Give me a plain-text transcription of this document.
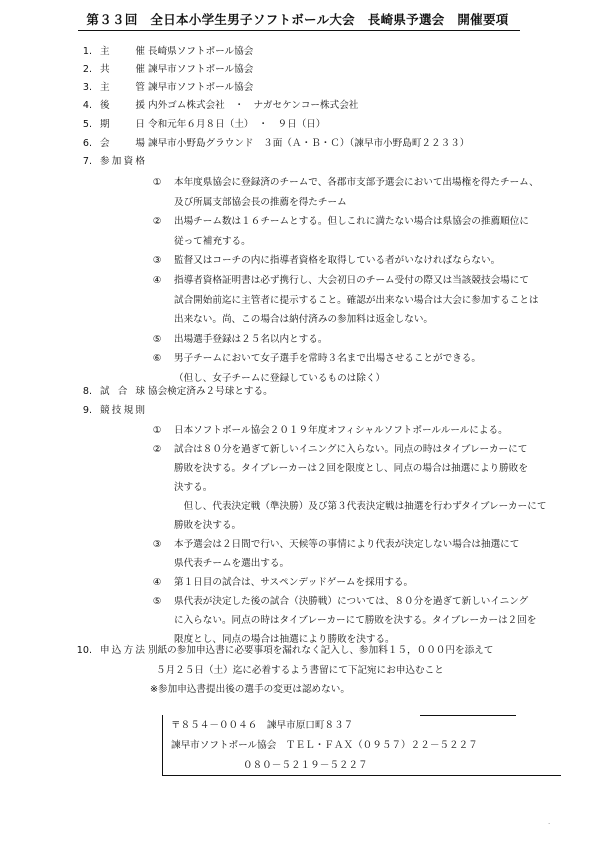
第３３回　全日本小学生男子ソフトボール大会　長崎県予選会　開催要項
1. 主	催 長崎県ソフトボール協会
2. 共	催 諫早市ソフトボール協会
3. 主	管 諫早市ソフトボール協会
4. 後	援 内外ゴム株式会社　・　ナガセケンコー株式会社
5. 期	日 令和元年６月８日（土）　・　９日（日）
6. 会	場 諫早市小野島グラウンド　３面（Ａ・Ｂ・Ｃ）（諫早市小野島町２２３３）
7. 参 加 資 格
8. 試 合 球 協会検定済み２号球とする。
9. 競 技 規 則
10. 申 込 方 法 別紙の参加申込書に必要事項を漏れなく記入し、参加料１５，０００円を添えて
① 本年度県協会に登録済のチームで、各郡市支部予選会において出場権を得たチーム、
及び所属支部協会長の推薦を得たチーム
② 出場チーム数は１６チームとする。但しこれに満たない場合は県協会の推薦順位に
従って補充する。
③ 監督又はコーチの内に指導者資格を取得している者がいなければならない。
④ 指導者資格証明書は必ず携行し、大会初日のチーム受付の際又は当該競技会場にて
試合開始前迄に主管者に提示すること。確認が出来ない場合は大会に参加することは
出来ない。尚、この場合は納付済みの参加料は返金しない。
⑤ 出場選手登録は２５名以内とする。
⑥ 男子チームにおいて女子選手を常時３名まで出場させることができる。
（但し、女子チームに登録しているものは除く）
① 日本ソフトボール協会２０１９年度オフィシャルソフトボールルールによる。
② 試合は８０分を過ぎて新しいイニングに入らない。同点の時はタイブレーカーにて
勝敗を決する。タイブレーカーは２回を限度とし、同点の場合は抽選により勝敗を
決する。
　但し、代表決定戦（準決勝）及び第３代表決定戦は抽選を行わずタイブレーカーにて
勝敗を決する。
③ 本予選会は２日間で行い、天候等の事情により代表が決定しない場合は抽選にて
県代表チームを選出する。
④ 第１日目の試合は、サスペンデッドゲームを採用する。
⑤ 県代表が決定した後の試合（決勝戦）については、８０分を過ぎて新しいイニング
に入らない。同点の時はタイブレーカーにて勝敗を決する。タイブレーカーは２回を
限度とし、同点の場合は抽選により勝敗を決する。
５月２５日（土）迄に必着するよう書留にて下記宛にお申込むこと
※参加申込書提出後の選手の変更は認めない。
〒８５４－００４６　諫早市原口町８３７
諫早市ソフトボール協会　ＴＥＬ・ＦＡＸ（０９５７）２２－５２２７
０８０－５２１９－５２２７
.
